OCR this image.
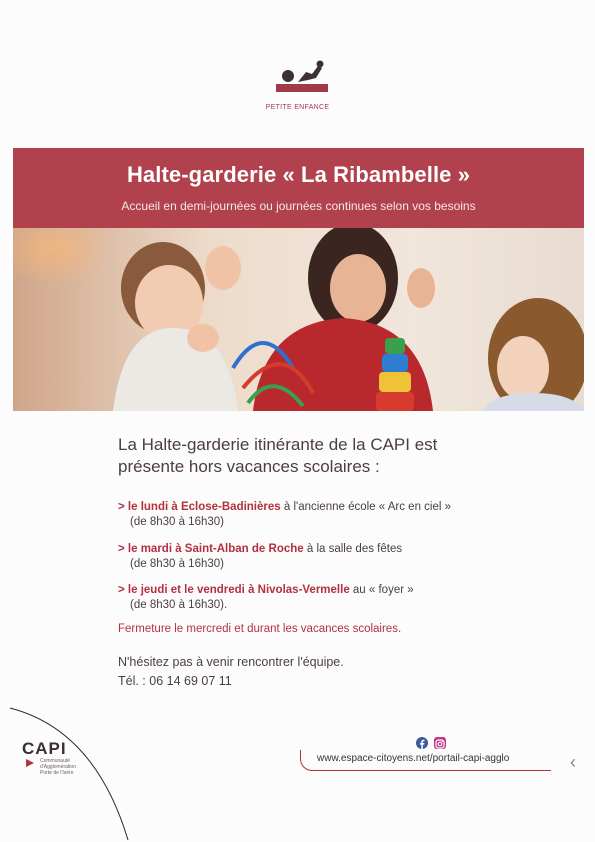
PETITE ENFANCE
Halte-garderie « La Ribambelle »
Accueil en demi-journées ou journées continues selon vos besoins
La Halte-garderie itinérante de la CAPI est
présente hors vacances scolaires :
> le lundi à Eclose-Badinières à l'ancienne école « Arc en ciel »
(de 8h30 à 16h30)
> le mardi à Saint-Alban de Roche à la salle des fêtes
(de 8h30 à 16h30)
> le jeudi et le vendredi à Nivolas-Vermelle au « foyer »
(de 8h30 à 16h30).
Fermeture le mercredi et durant les vacances scolaires.
N'hésitez pas à venir rencontrer l'équipe.
Tél. : 06 14 69 07 11

www.espace-citoyens.net/portail-capi-agglo	‹
CAPI
Communauté
d'Agglomération
Porte de l'Isère
